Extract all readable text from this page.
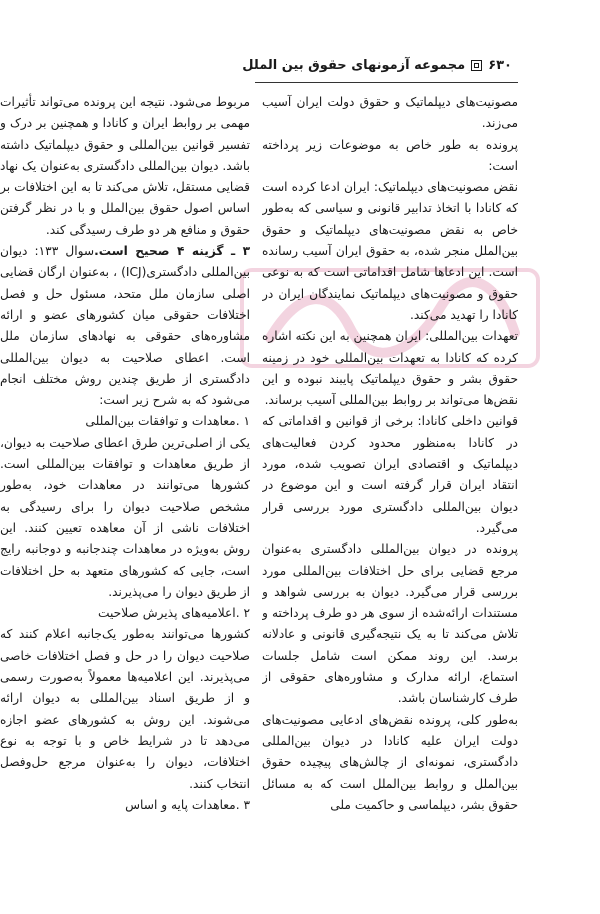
۶۳۰
مجموعه آزمونهای حقوق بین الملل

مصونیت‌های دیپلماتیک و حقوق دولت ایران آسیب می‌زند.

پرونده به طور خاص به موضوعات زیر پرداخته است:

نقض مصونیت‌های دیپلماتیک: ایران ادعا کرده است که کانادا با اتخاذ تدابیر قانونی و سیاسی که به‌طور خاص به نقض مصونیت‌های دیپلماتیک و حقوق بین‌الملل منجر شده، به حقوق ایران آسیب رسانده است. این ادعاها شامل اقداماتی است که به نوعی حقوق و مصونیت‌های دیپلماتیک نمایندگان ایران در کانادا را تهدید می‌کند.

تعهدات بین‌المللی: ایران همچنین به این نکته اشاره کرده که کانادا به تعهدات بین‌المللی خود در زمینه حقوق بشر و حقوق دیپلماتیک پایبند نبوده و این نقض‌ها می‌تواند بر روابط بین‌المللی آسیب برساند.

قوانین داخلی کانادا: برخی از قوانین و اقداماتی که در کانادا به‌منظور محدود کردن فعالیت‌های دیپلماتیک و اقتصادی ایران تصویب شده، مورد انتقاد ایران قرار گرفته است و این موضوع در دیوان بین‌المللی دادگستری مورد بررسی قرار می‌گیرد.

پرونده در دیوان بین‌المللی دادگستری به‌عنوان مرجع قضایی برای حل اختلافات بین‌المللی مورد بررسی قرار می‌گیرد. دیوان به بررسی شواهد و مستندات ارائه‌شده از سوی هر دو طرف پرداخته و تلاش می‌کند تا به یک نتیجه‌گیری قانونی و عادلانه برسد. این روند ممکن است شامل جلسات استماع، ارائه مدارک و مشاوره‌های حقوقی از طرف کارشناسان باشد.

به‌طور کلی، پرونده نقض‌های ادعایی مصونیت‌های دولت ایران علیه کانادا در دیوان بین‌المللی دادگستری، نمونه‌ای از چالش‌های پیچیده حقوق بین‌الملل و روابط بین‌الملل است که به مسائل حقوق بشر، دیپلماسی و حاکمیت ملی

مربوط می‌شود. نتیجه این پرونده می‌تواند تأثیرات مهمی بر روابط ایران و کانادا و همچنین بر درک و تفسیر قوانین بین‌المللی و حقوق دیپلماتیک داشته باشد. دیوان بین‌المللی دادگستری به‌عنوان یک نهاد قضایی مستقل، تلاش می‌کند تا به این اختلافات بر اساس اصول حقوق بین‌الملل و با در نظر گرفتن حقوق و منافع هر دو طرف رسیدگی کند.

۳ ـ گزینه ۴ صحیح است.سوال ۱۳۳: دیوان بین‌المللی دادگستری(ICJ) ، به‌عنوان ارگان قضایی اصلی سازمان ملل متحد، مسئول حل و فصل اختلافات حقوقی میان کشورهای عضو و ارائه مشاوره‌های حقوقی به نهادهای سازمان ملل است. اعطای صلاحیت به دیوان بین‌المللی دادگستری از طریق چندین روش مختلف انجام می‌شود که به شرح زیر است:

۱ .معاهدات و توافقات بین‌المللی

یکی از اصلی‌ترین طرق اعطای صلاحیت به دیوان، از طریق معاهدات و توافقات بین‌المللی است. کشورها می‌توانند در معاهدات خود، به‌طور مشخص صلاحیت دیوان را برای رسیدگی به اختلافات ناشی از آن معاهده تعیین کنند. این روش به‌ویژه در معاهدات چندجانبه و دوجانبه رایج است، جایی که کشورهای متعهد به حل اختلافات از طریق دیوان را می‌پذیرند.

۲ .اعلامیه‌های پذیرش صلاحیت

کشورها می‌توانند به‌طور یک‌جانبه اعلام کنند که صلاحیت دیوان را در حل و فصل اختلافات خاصی می‌پذیرند. این اعلامیه‌ها معمولاً به‌صورت رسمی و از طریق اسناد بین‌المللی به دیوان ارائه می‌شوند. این روش به کشورهای عضو اجازه می‌دهد تا در شرایط خاص و با توجه به نوع اختلافات، دیوان را به‌عنوان مرجع حل‌وفصل انتخاب کنند.

۳ .معاهدات پایه و اساس
